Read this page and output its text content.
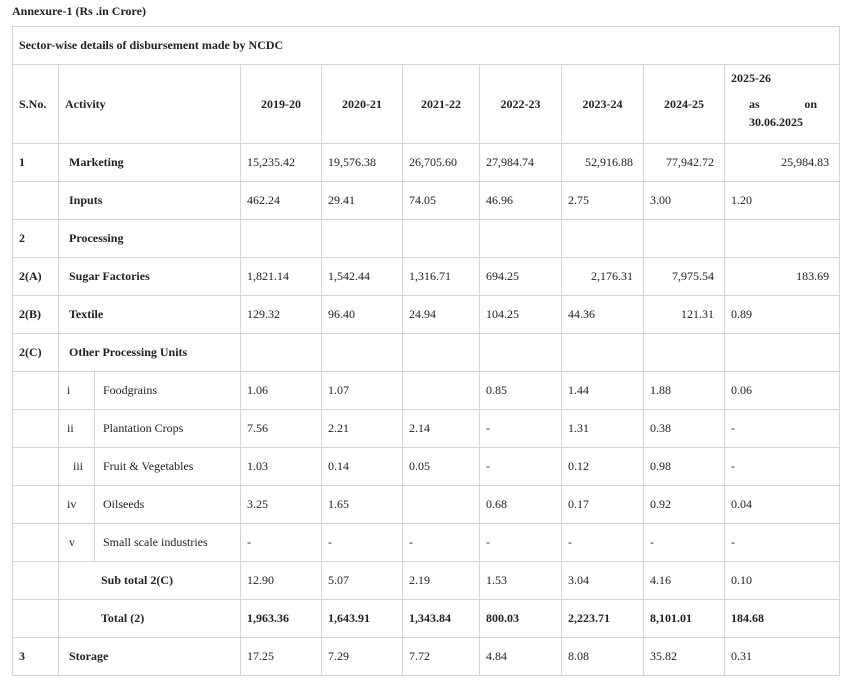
Annexure-1 (Rs .in Crore)
Sector-wise details of disbursement made by NCDC									
S.No.	Activity		2019-20	2020-21	2021-22	2022-23	2023-24	2024-25	2025-26
as on
30.06.2025

1	Marketing		15,235.42	19,576.38	26,705.60	27,984.74	52,916.88	77,942.72	25,984.83
	Inputs		462.24	29.41	74.05	46.96	2.75	3.00	1.20
2	Processing								
2(A)	Sugar Factories		1,821.14	1,542.44	1,316.71	694.25	2,176.31	7,975.54	183.69
2(B)	Textile		129.32	96.40	24.94	104.25	44.36	121.31	0.89
2(C)	Other Processing Units								
	i	Foodgrains	1.06	1.07		0.85	1.44	1.88	0.06
	ii	Plantation Crops	7.56	2.21	2.14	-	1.31	0.38	-
	iii	Fruit & Vegetables	1.03	0.14	0.05	-	0.12	0.98	-
	iv	Oilseeds	3.25	1.65		0.68	0.17	0.92	0.04
	v	Small scale industries	-	-	-	-	-	-	-
	Sub total 2(C)		12.90	5.07	2.19	1.53	3.04	4.16	0.10
	Total (2)		1,963.36	1,643.91	1,343.84	800.03	2,223.71	8,101.01	184.68
3	Storage		17.25	7.29	7.72	4.84	8.08	35.82	0.31
